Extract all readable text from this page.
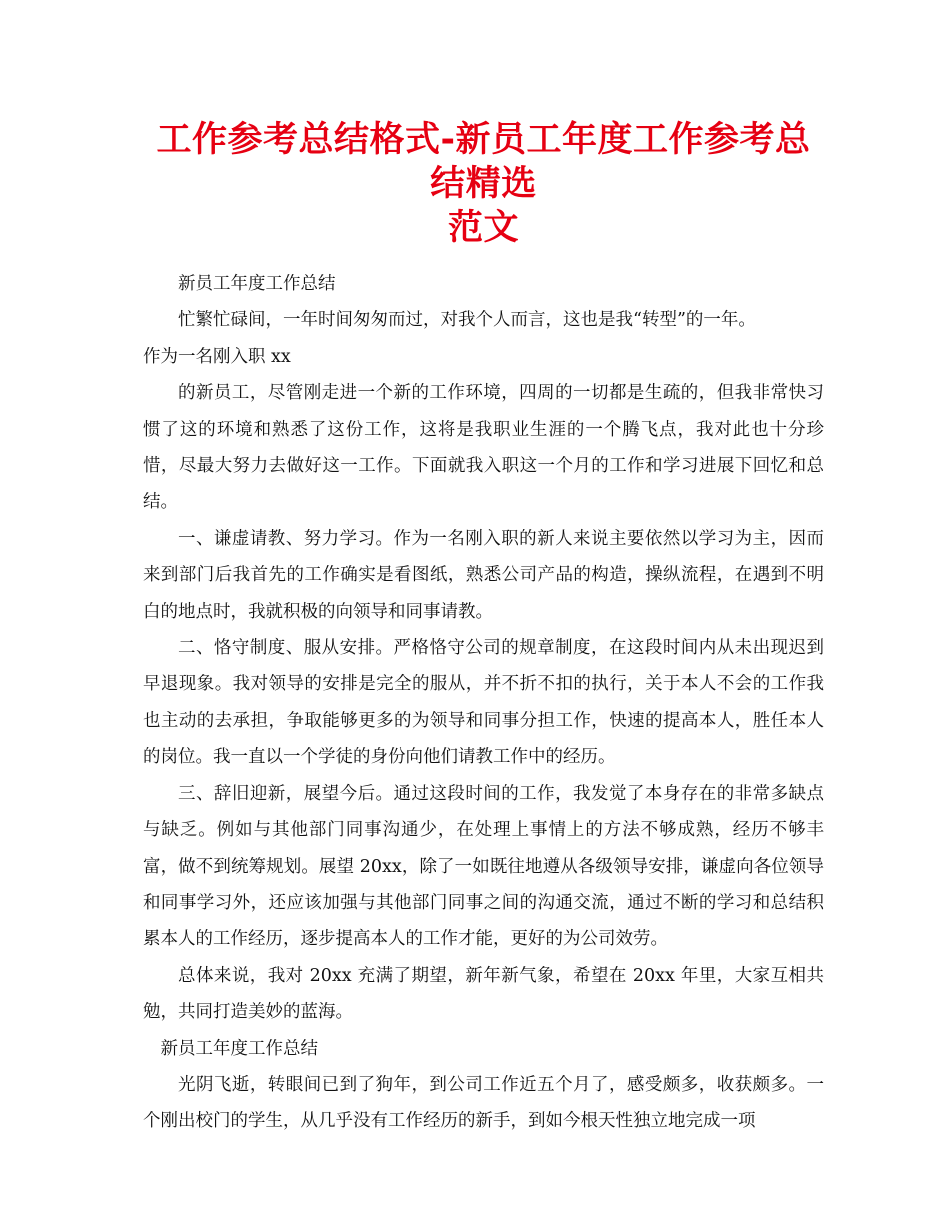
工作参考总结格式-新员工年度工作参考总结精选
范文

新员工年度工作总结

忙繁忙碌间，一年时间匆匆而过，对我个人而言，这也是我“转型”的一年。

作为一名刚入职 xx

的新员工，尽管刚走进一个新的工作环境，四周的一切都是生疏的，但我非常快习惯了这的环境和熟悉了这份工作，这将是我职业生涯的一个腾飞点，我对此也十分珍惜，尽最大努力去做好这一工作。下面就我入职这一个月的工作和学习进展下回忆和总结。

一、谦虚请教、努力学习。作为一名刚入职的新人来说主要依然以学习为主，因而来到部门后我首先的工作确实是看图纸，熟悉公司产品的构造，操纵流程，在遇到不明白的地点时，我就积极的向领导和同事请教。

二、恪守制度、服从安排。严格恪守公司的规章制度，在这段时间内从未出现迟到早退现象。我对领导的安排是完全的服从，并不折不扣的执行，关于本人不会的工作我也主动的去承担，争取能够更多的为领导和同事分担工作，快速的提高本人，胜任本人的岗位。我一直以一个学徒的身份向他们请教工作中的经历。

三、辞旧迎新，展望今后。通过这段时间的工作，我发觉了本身存在的非常多缺点与缺乏。例如与其他部门同事沟通少，在处理上事情上的方法不够成熟，经历不够丰富，做不到统筹规划。展望 20xx，除了一如既往地遵从各级领导安排，谦虚向各位领导和同事学习外，还应该加强与其他部门同事之间的沟通交流，通过不断的学习和总结积累本人的工作经历，逐步提高本人的工作才能，更好的为公司效劳。

总体来说，我对 20xx 充满了期望，新年新气象，希望在 20xx 年里，大家互相共勉，共同打造美妙的蓝海。

新员工年度工作总结

光阴飞逝，转眼间已到了狗年，到公司工作近五个月了，感受颇多，收获颇多。一个刚出校门的学生，从几乎没有工作经历的新手，到如今根天性独立地完成一项
